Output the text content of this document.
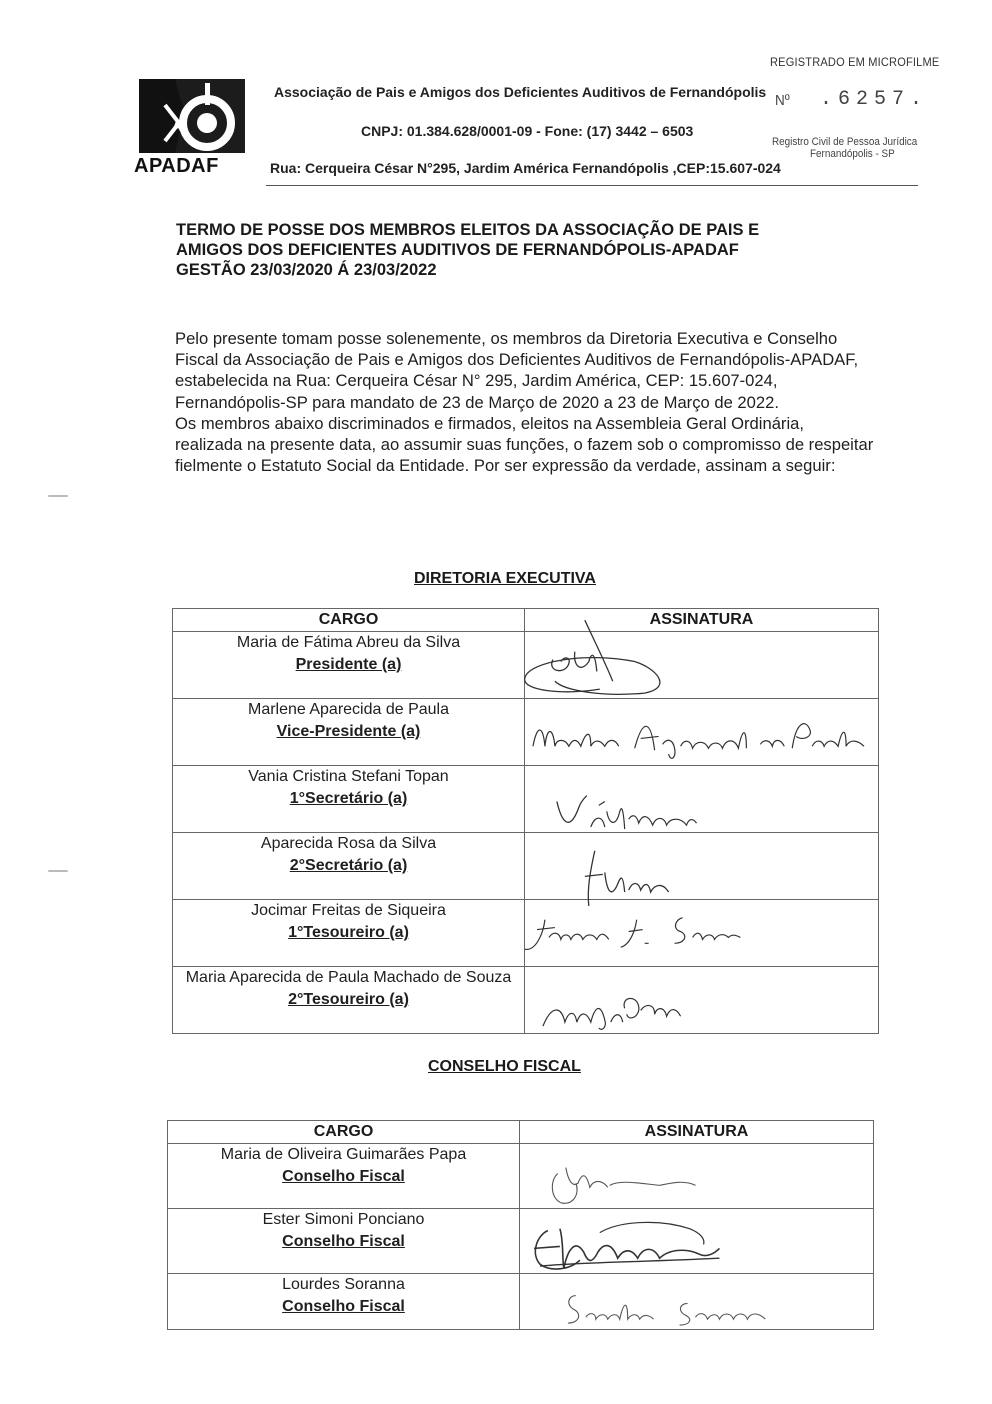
REGISTRADO EM MICROFILME
Nº .6257.
Registro Civil de Pessoa Jurídica
Fernandópolis - SP
A
APADAF
Associação de Pais e Amigos dos Deficientes Auditivos de Fernandópolis
CNPJ: 01.384.628/0001-09 - Fone: (17) 3442 – 6503
Rua: Cerqueira César N°295, Jardim América Fernandópolis ,CEP:15.607-024
TERMO DE POSSE DOS MEMBROS ELEITOS DA ASSOCIAÇÃO DE PAIS E
AMIGOS DOS DEFICIENTES AUDITIVOS DE FERNANDÓPOLIS-APADAF
GESTÃO 23/03/2020 Á 23/03/2022

Pelo presente tomam posse solenemente, os membros da Diretoria Executiva e Conselho Fiscal da Associação de Pais e Amigos dos Deficientes Auditivos de Fernandópolis-APADAF, estabelecida na Rua: Cerqueira César N° 295, Jardim América, CEP: 15.607-024, Fernandópolis-SP para mandato de 23 de Março de 2020 a 23 de Março de 2022.

Os membros abaixo discriminados e firmados, eleitos na Assembleia Geral Ordinária, realizada na presente data, ao assumir suas funções, o fazem sob o compromisso de respeitar fielmente o Estatuto Social da Entidade. Por ser expressão da verdade, assinam a seguir:

DIRETORIA EXECUTIVA
CARGO	ASSINATURA

Maria de Fátima Abreu da Silva
Presidente (a)

Marlene Aparecida de Paula
Vice-Presidente (a)

Vania Cristina Stefani Topan
1°Secretário (a)

Aparecida Rosa da Silva
2°Secretário (a)

Jocimar Freitas de Siqueira
1°Tesoureiro (a)

Maria Aparecida de Paula Machado de Souza
2°Tesoureiro (a)

CONSELHO FISCAL
CARGO	ASSINATURA

Maria de Oliveira Guimarães Papa
Conselho Fiscal

Ester Simoni Ponciano
Conselho Fiscal

Lourdes Soranna
Conselho Fiscal
